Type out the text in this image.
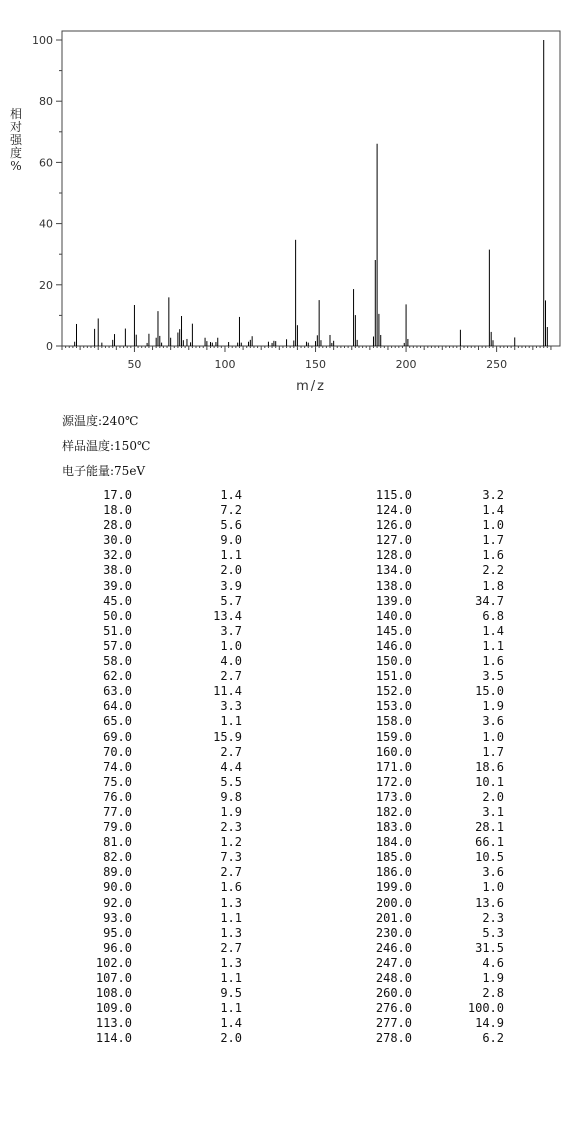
50	100	150	200	250
0
20
40
60
80
100
m/z
相
对
强
度
%
源温度:240℃
样品温度:150℃
电子能量:75eV
17.0	1.4	115.0	3.2
18.0	7.2	124.0	1.4
28.0	5.6	126.0	1.0
30.0	9.0	127.0	1.7
32.0	1.1	128.0	1.6
38.0	2.0	134.0	2.2
39.0	3.9	138.0	1.8
45.0	5.7	139.0	34.7
50.0	13.4	140.0	6.8
51.0	3.7	145.0	1.4
57.0	1.0	146.0	1.1
58.0	4.0	150.0	1.6
62.0	2.7	151.0	3.5
63.0	11.4	152.0	15.0
64.0	3.3	153.0	1.9
65.0	1.1	158.0	3.6
69.0	15.9	159.0	1.0
70.0	2.7	160.0	1.7
74.0	4.4	171.0	18.6
75.0	5.5	172.0	10.1
76.0	9.8	173.0	2.0
77.0	1.9	182.0	3.1
79.0	2.3	183.0	28.1
81.0	1.2	184.0	66.1
82.0	7.3	185.0	10.5
89.0	2.7	186.0	3.6
90.0	1.6	199.0	1.0
92.0	1.3	200.0	13.6
93.0	1.1	201.0	2.3
95.0	1.3	230.0	5.3
96.0	2.7	246.0	31.5
102.0	1.3	247.0	4.6
107.0	1.1	248.0	1.9
108.0	9.5	260.0	2.8
109.0	1.1	276.0	100.0
113.0	1.4	277.0	14.9
114.0	2.0	278.0	6.2
